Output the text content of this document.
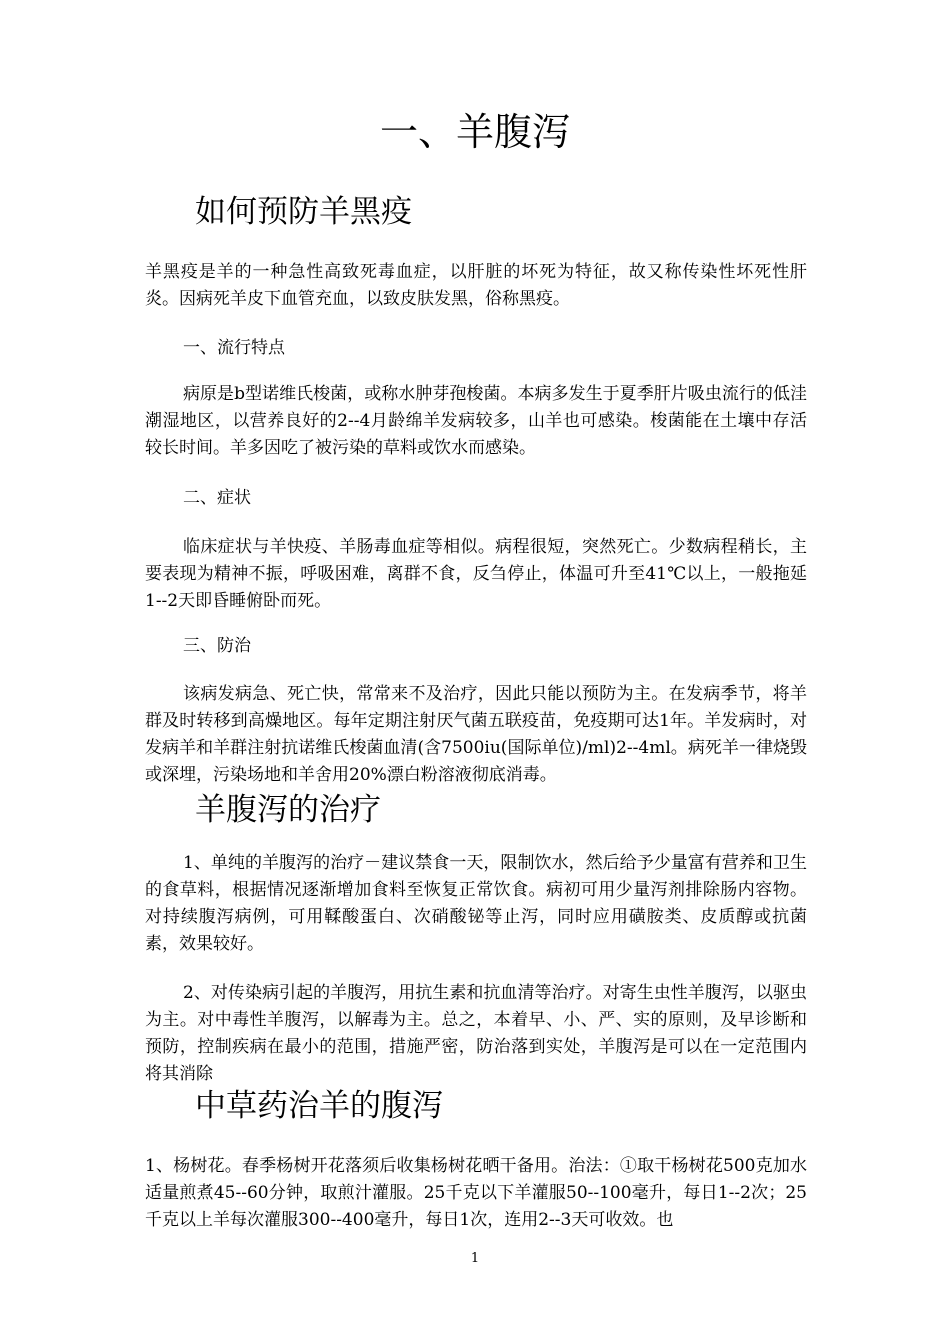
一、羊腹泻
如何预防羊黑疫

羊黑疫是羊的一种急性高致死毒血症，以肝脏的坏死为特征，故又称传染性坏死性肝炎。因病死羊皮下血管充血，以致皮肤发黑，俗称黑疫。

一、流行特点

病原是b型诺维氏梭菌，或称水肿芽孢梭菌。本病多发生于夏季肝片吸虫流行的低洼潮湿地区，以营养良好的2--4月龄绵羊发病较多，山羊也可感染。梭菌能在土壤中存活较长时间。羊多因吃了被污染的草料或饮水而感染。

二、症状

临床症状与羊快疫、羊肠毒血症等相似。病程很短，突然死亡。少数病程稍长，主要表现为精神不振，呼吸困难，离群不食，反刍停止，体温可升至41℃以上，一般拖延1--2天即昏睡俯卧而死。

三、防治

该病发病急、死亡快，常常来不及治疗，因此只能以预防为主。在发病季节，将羊群及时转移到高燥地区。每年定期注射厌气菌五联疫苗，免疫期可达1年。羊发病时，对发病羊和羊群注射抗诺维氏梭菌血清(含7500iu(国际单位)/ml)2--4ml。病死羊一律烧毁或深埋，污染场地和羊舍用20%漂白粉溶液彻底消毒。

羊腹泻的治疗

1、单纯的羊腹泻的治疗－建议禁食一天，限制饮水，然后给予少量富有营养和卫生的食草料，根据情况逐渐增加食料至恢复正常饮食。病初可用少量泻剂排除肠内容物。对持续腹泻病例，可用鞣酸蛋白、次硝酸铋等止泻，同时应用磺胺类、皮质醇或抗菌素，效果较好。

2、对传染病引起的羊腹泻，用抗生素和抗血清等治疗。对寄生虫性羊腹泻，以驱虫为主。对中毒性羊腹泻，以解毒为主。总之，本着早、小、严、实的原则，及早诊断和预防，控制疾病在最小的范围，措施严密，防治落到实处，羊腹泻是可以在一定范围内将其消除

中草药治羊的腹泻

1、杨树花。春季杨树开花落须后收集杨树花晒干备用。治法：①取干杨树花500克加水适量煎煮45--60分钟，取煎汁灌服。25千克以下羊灌服50--100毫升，每日1--2次；25千克以上羊每次灌服300--400毫升，每日1次，连用2--3天可收效。也

1
